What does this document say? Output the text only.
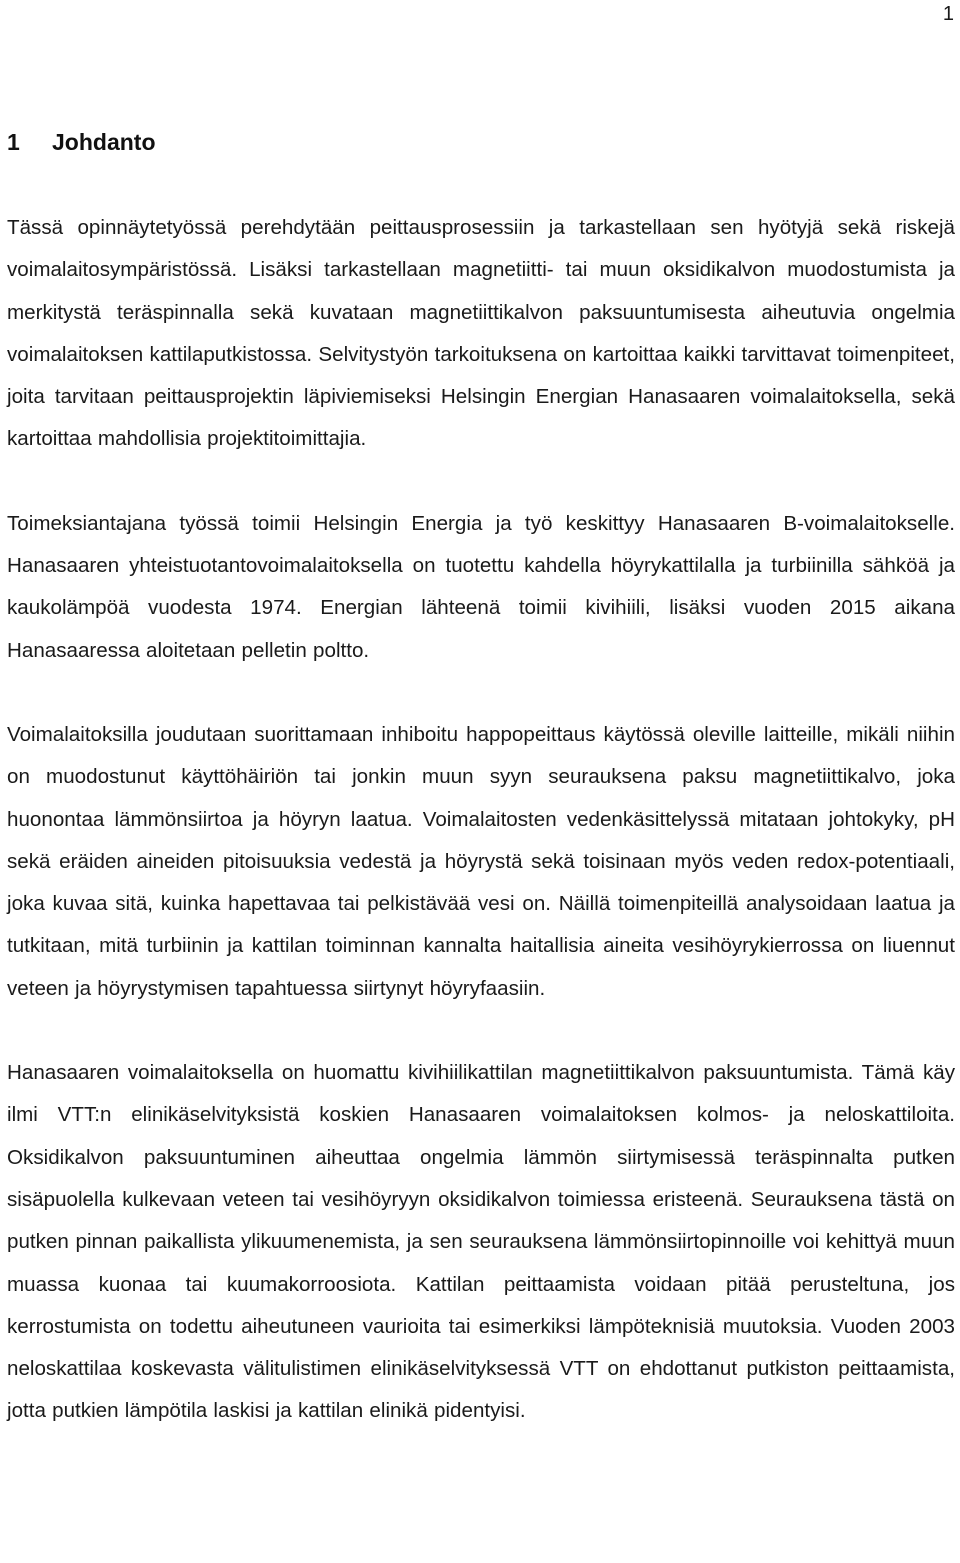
1
1 Johdanto

Tässä opinnäytetyössä perehdytään peittausprosessiin ja tarkastellaan sen hyötyjä sekä riskejä voimalaitosympäristössä. Lisäksi tarkastellaan magnetiitti- tai muun oksidikalvon muodostumista ja merkitystä teräspinnalla sekä kuvataan magnetiittikalvon paksuuntumisesta aiheutuvia ongelmia voimalaitoksen kattilaputkistossa. Selvitystyön tarkoituksena on kartoittaa kaikki tarvittavat toimenpiteet, joita tarvitaan peittausprojektin läpiviemiseksi Helsingin Energian Hanasaaren voimalaitoksella, sekä kartoittaa mahdollisia projektitoimittajia.

Toimeksiantajana työssä toimii Helsingin Energia ja työ keskittyy Hanasaaren B-voimalaitokselle. Hanasaaren yhteistuotantovoimalaitoksella on tuotettu kahdella höyrykattilalla ja turbiinilla sähköä ja kaukolämpöä vuodesta 1974. Energian lähteenä toimii kivihiili, lisäksi vuoden 2015 aikana Hanasaaressa aloitetaan pelletin poltto.

Voimalaitoksilla joudutaan suorittamaan inhiboitu happopeittaus käytössä oleville laitteille, mikäli niihin on muodostunut käyttöhäiriön tai jonkin muun syyn seurauksena paksu magnetiittikalvo, joka huonontaa lämmönsiirtoa ja höyryn laatua. Voimalaitosten vedenkäsittelyssä mitataan johtokyky, pH sekä eräiden aineiden pitoisuuksia vedestä ja höyrystä sekä toisinaan myös veden redox-potentiaali, joka kuvaa sitä, kuinka hapettavaa tai pelkistävää vesi on. Näillä toimenpiteillä analysoidaan laatua ja tutkitaan, mitä turbiinin ja kattilan toiminnan kannalta haitallisia aineita vesihöyrykierrossa on liuennut veteen ja höyrystymisen tapahtuessa siirtynyt höyryfaasiin.

Hanasaaren voimalaitoksella on huomattu kivihiilikattilan magnetiittikalvon paksuuntumista. Tämä käy ilmi VTT:n elinikäselvityksistä koskien Hanasaaren voimalaitoksen kolmos- ja neloskattiloita. Oksidikalvon paksuuntuminen aiheuttaa ongelmia lämmön siirtymisessä teräspinnalta putken sisäpuolella kulkevaan veteen tai vesihöyryyn oksidikalvon toimiessa eristeenä. Seurauksena tästä on putken pinnan paikallista ylikuumenemista, ja sen seurauksena lämmönsiirtopinnoille voi kehittyä muun muassa kuonaa tai kuumakorroosiota. Kattilan peittaamista voidaan pitää perusteltuna, jos kerrostumista on todettu aiheutuneen vaurioita tai esimerkiksi lämpöteknisiä muutoksia. Vuoden 2003 neloskattilaa koskevasta välitulistimen elinikäselvityksessä VTT on ehdottanut putkiston peittaamista, jotta putkien lämpötila laskisi ja kattilan elinikä pidentyisi.
